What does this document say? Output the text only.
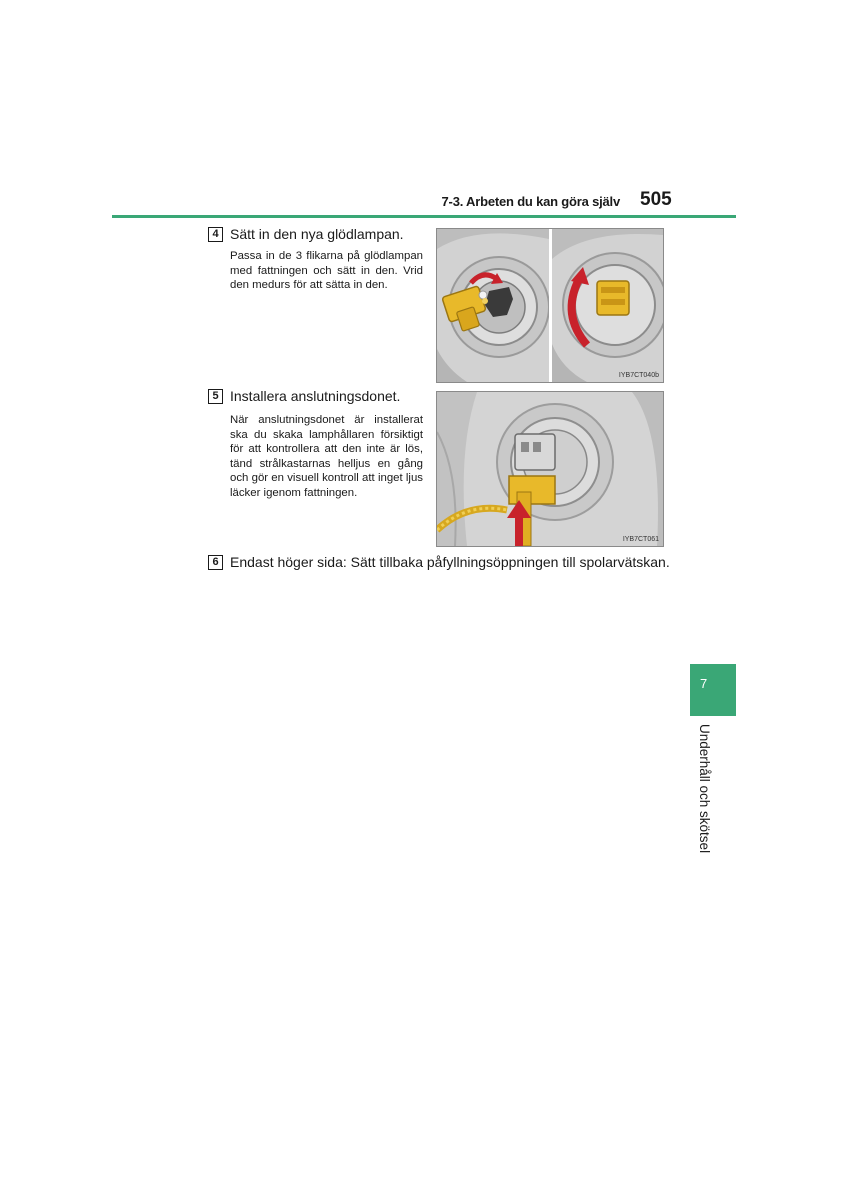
7-3. Arbeten du kan göra själv 505
4 Sätt in den nya glödlampan.
Passa in de 3 flikarna på glödlampan med fattningen och sätt in den. Vrid den medurs för att sätta in den.
IYB7CT040b
5 Installera anslutningsdonet.
När anslutningsdonet är installerat ska du skaka lamphållaren försiktigt för att kontrollera att den inte är lös, tänd strålkastarnas helljus en gång och gör en visuell kontroll att inget ljus läcker igenom fattningen.
IYB7CT061
6 Endast höger sida: Sätt tillbaka påfyllningsöppningen till spolarvätskan.
7
Underhåll och skötsel
